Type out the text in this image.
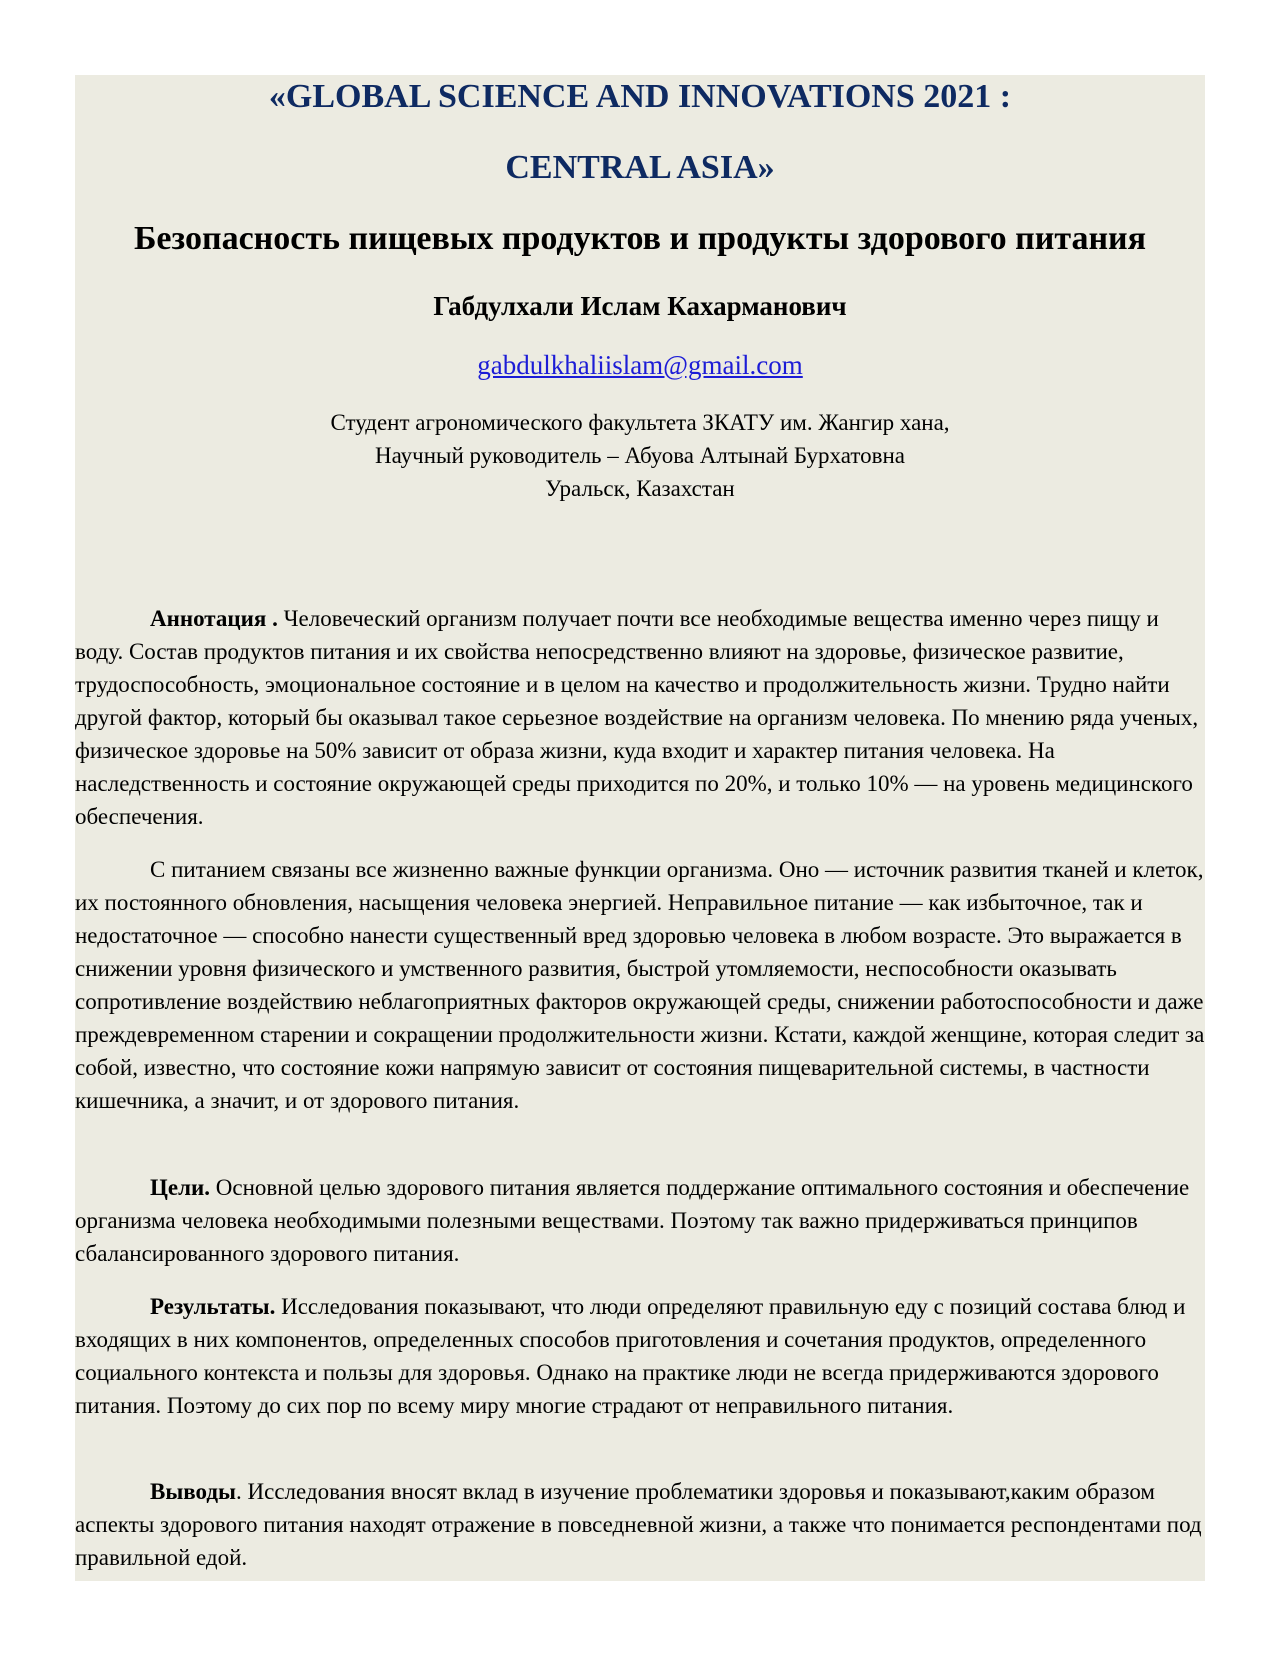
«GLOBAL SCIENCE AND INNOVATIONS 2021 :
CENTRAL ASIA»
Безопасность пищевых продуктов и продукты здорового питания
Габдулхали Ислам Кахарманович
gabdulkhaliislam@gmail.com
Студент агрономического факультета ЗКАТУ им. Жангир хана,
Научный руководитель – Абуова Алтынай Бурхатовна
Уральск, Казахстан

Аннотация . Человеческий организм получает почти все необходимые вещества именно через пищу и воду. Состав продуктов питания и их свойства непосредственно влияют на здоровье, физическое развитие, трудоспособность, эмоциональное состояние и в целом на качество и продолжительность жизни. Трудно найти другой фактор, который бы оказывал такое серьезное воздействие на организм человека. По мнению ряда ученых, физическое здоровье на 50% зависит от образа жизни, куда входит и характер питания человека. На наследственность и состояние окружающей среды приходится по 20%, и только 10% — на уровень медицинского обеспечения.

С питанием связаны все жизненно важные функции организма. Оно — источник развития тканей и клеток, их постоянного обновления, насыщения человека энергией. Неправильное питание — как избыточное, так и недостаточное — способно нанести существенный вред здоровью человека в любом возрасте. Это выражается в снижении уровня физического и умственного развития, быстрой утомляемости, неспособности оказывать сопротивление воздействию неблагоприятных факторов окружающей среды, снижении работоспособности и даже преждевременном старении и сокращении продолжительности жизни. Кстати, каждой женщине, которая следит за собой, известно, что состояние кожи напрямую зависит от состояния пищеварительной системы, в частности кишечника, а значит, и от здорового питания.

Цели. Основной целью здорового питания является поддержание оптимального состояния и обеспечение организма человека необходимыми полезными веществами. Поэтому так важно придерживаться принципов сбалансированного здорового питания.

Результаты. Исследования показывают, что люди определяют правильную еду с позиций состава блюд и входящих в них компонентов, определенных способов приготовления и сочетания продуктов, определенного социального контекста и пользы для здоровья. Однако на практике люди не всегда придерживаются здорового питания. Поэтому до сих пор по всему миру многие страдают от неправильного питания.

Выводы. Исследования вносят вклад в изучение проблематики здоровья и показывают,каким образом аспекты здорового питания находят отражение в повседневной жизни, а также что понимается респондентами под правильной едой.
